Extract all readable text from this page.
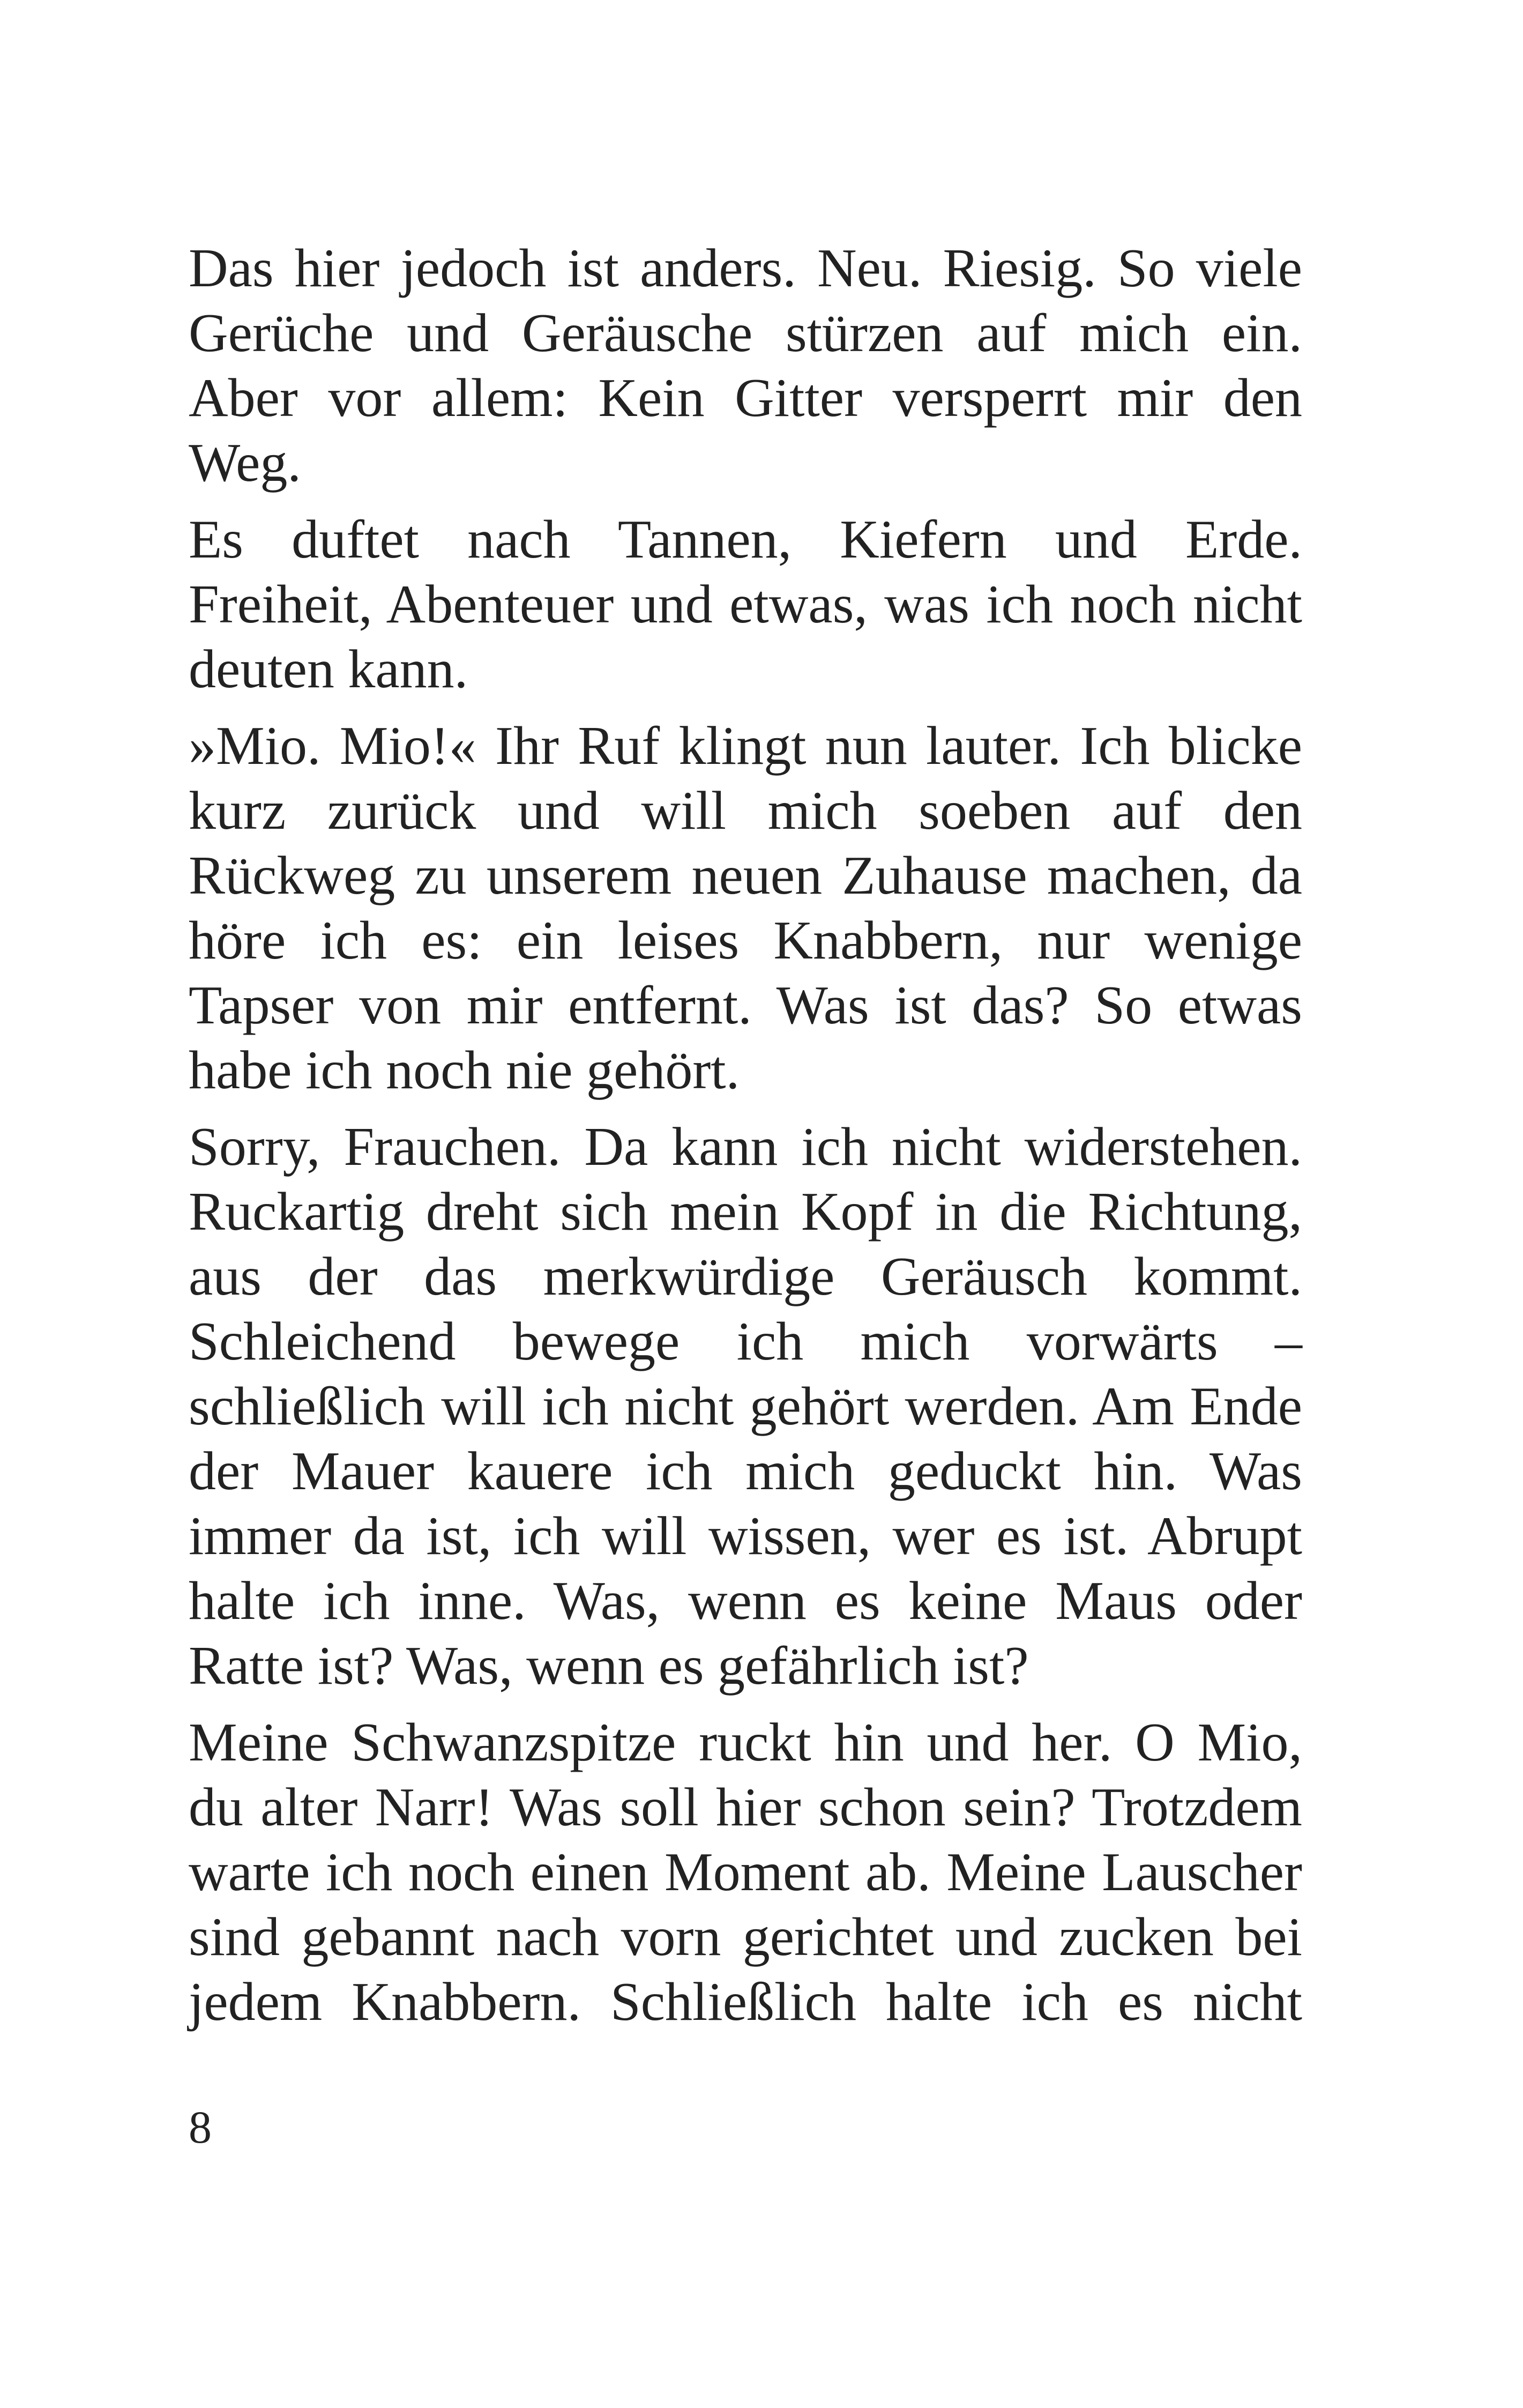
Das hier jedoch ist anders. Neu. Riesig. So viele
Gerüche und Geräusche stürzen auf mich ein.
Aber vor allem: Kein Gitter versperrt mir den
Weg.

Es duftet nach Tannen, Kiefern und Erde.
Freiheit, Abenteuer und etwas, was ich noch nicht
deuten kann.

»Mio. Mio!« Ihr Ruf klingt nun lauter. Ich blicke
kurz zurück und will mich soeben auf den
Rückweg zu unserem neuen Zuhause machen, da
höre ich es: ein leises Knabbern, nur wenige
Tapser von mir entfernt. Was ist das? So etwas
habe ich noch nie gehört.

Sorry, Frauchen. Da kann ich nicht widerstehen.
Ruckartig dreht sich mein Kopf in die Richtung,
aus der das merkwürdige Geräusch kommt.
Schleichend bewege ich mich vorwärts –
schließlich will ich nicht gehört werden. Am Ende
der Mauer kauere ich mich geduckt hin. Was
immer da ist, ich will wissen, wer es ist. Abrupt
halte ich inne. Was, wenn es keine Maus oder
Ratte ist? Was, wenn es gefährlich ist?

Meine Schwanzspitze ruckt hin und her. O Mio,
du alter Narr! Was soll hier schon sein? Trotzdem
warte ich noch einen Moment ab. Meine Lauscher
sind gebannt nach vorn gerichtet und zucken bei
jedem Knabbern. Schließlich halte ich es nicht

8
